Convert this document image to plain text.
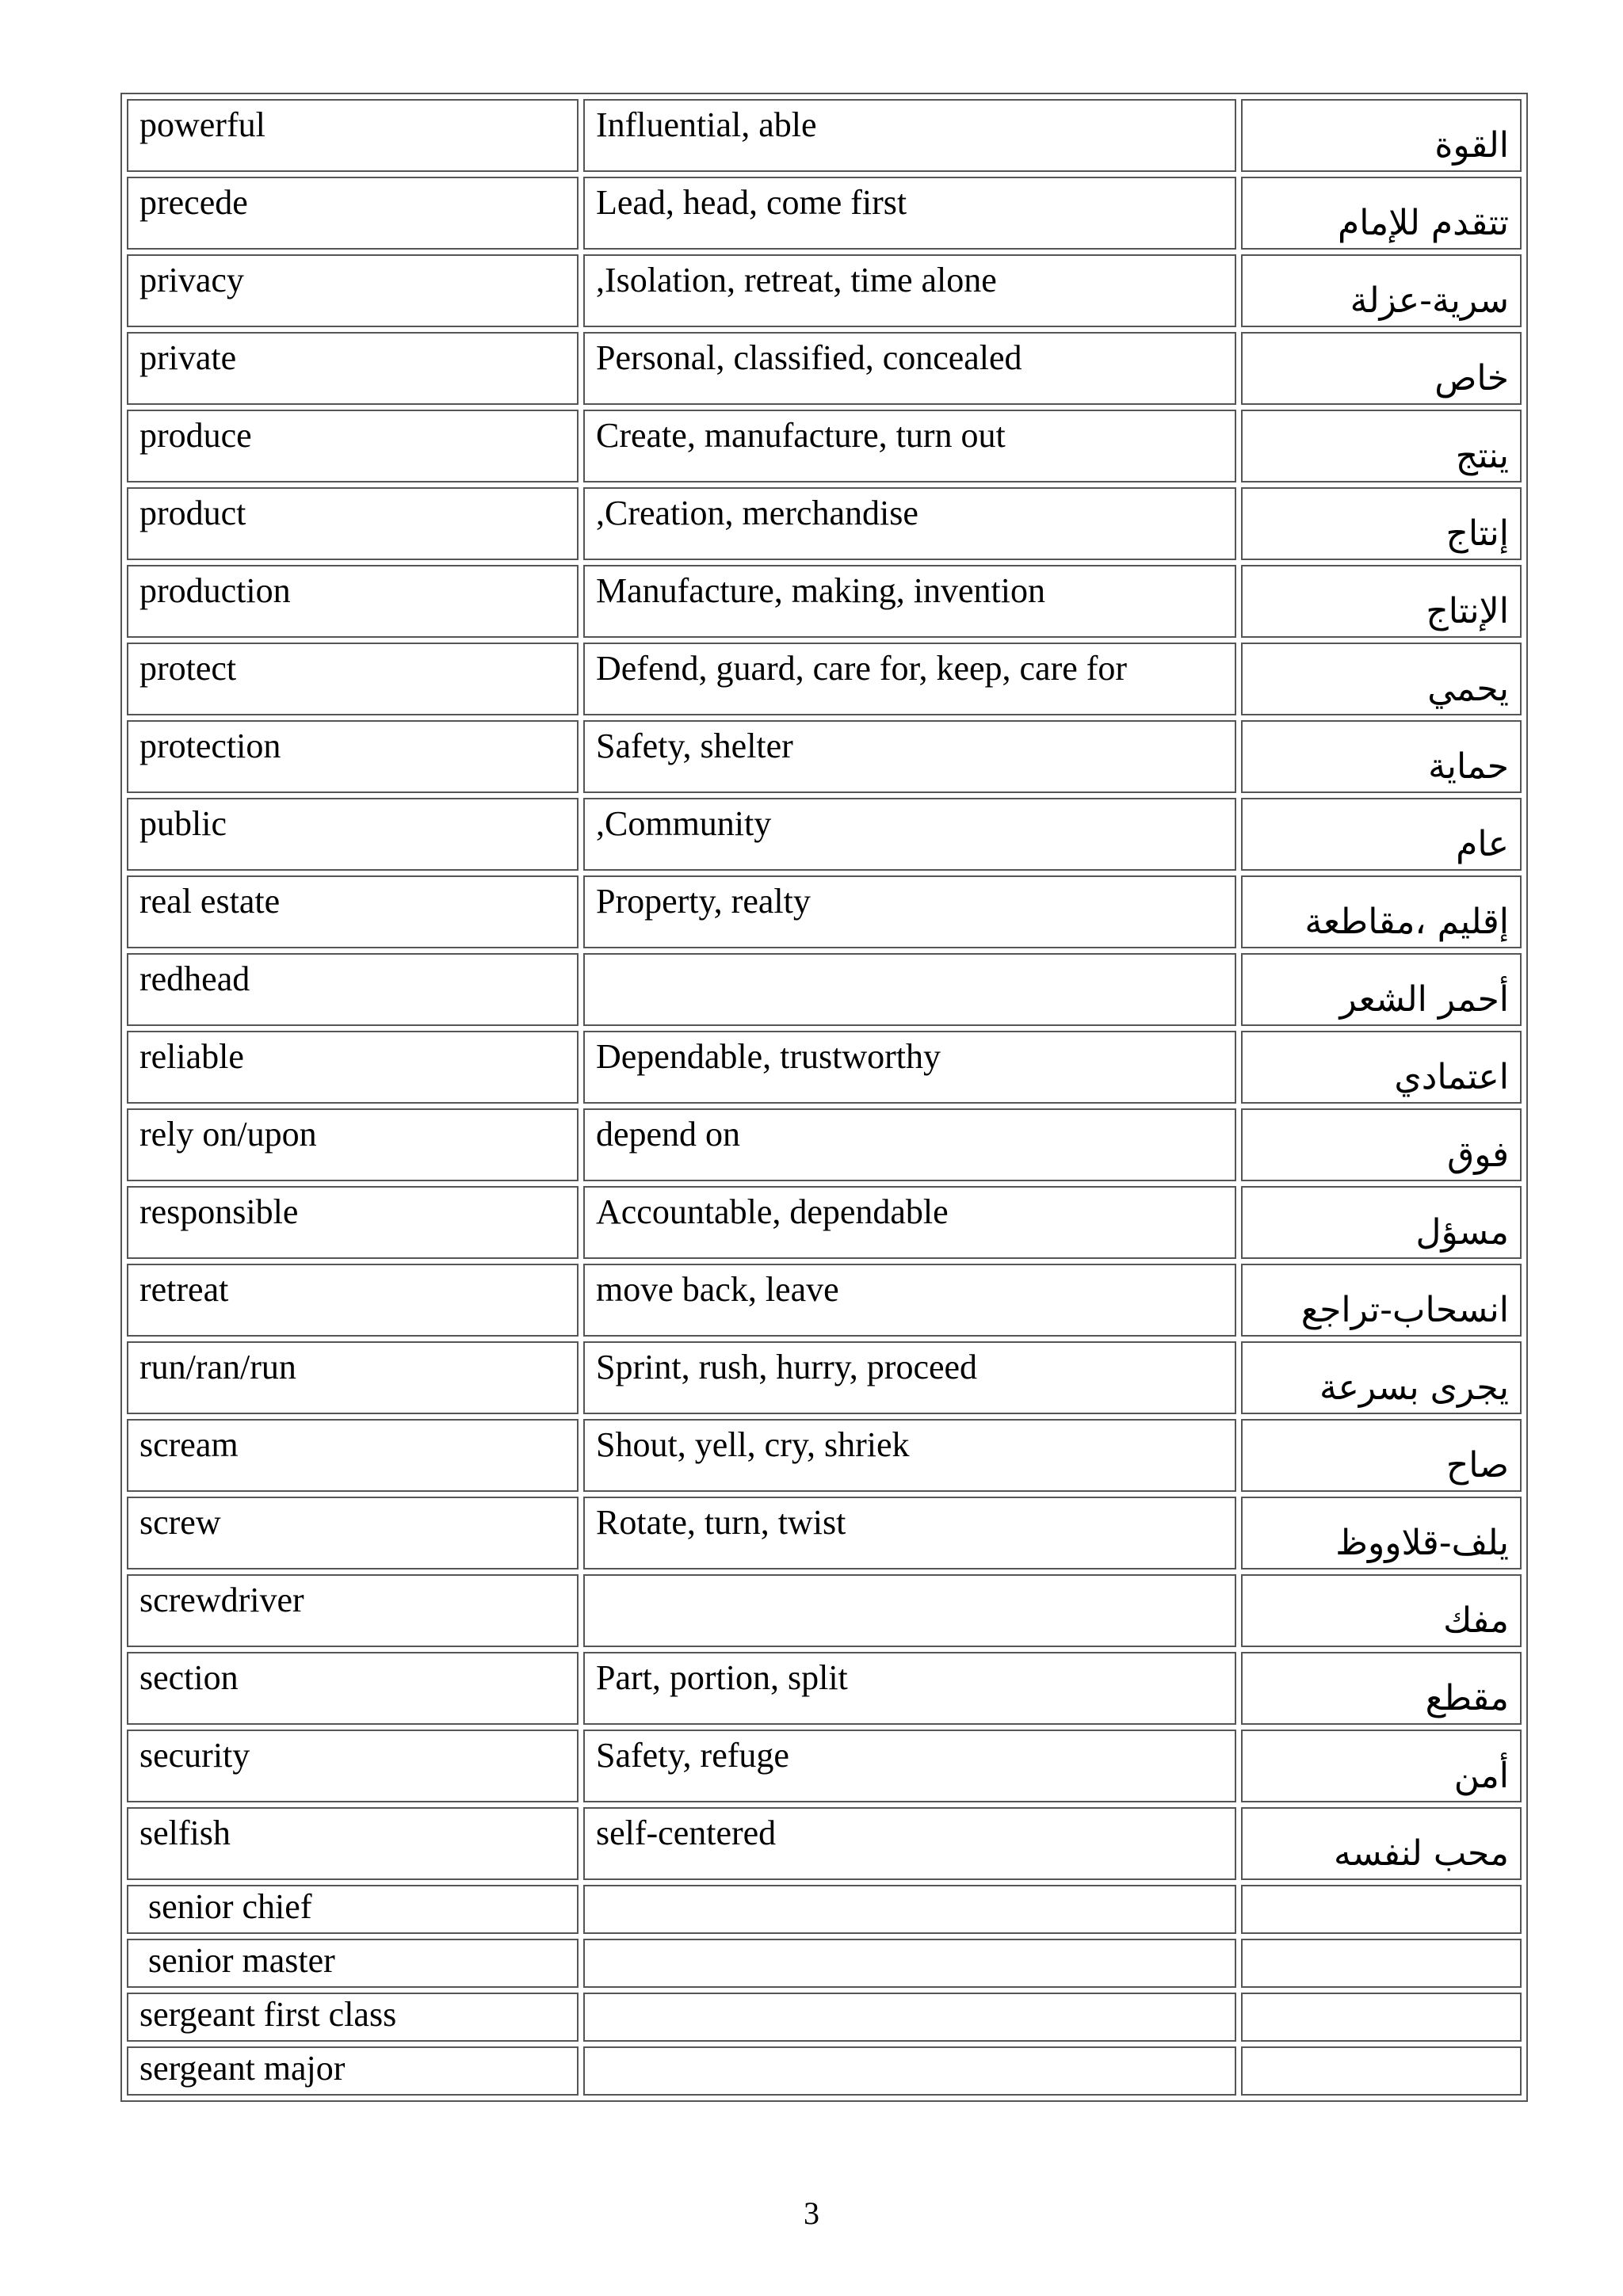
powerful	Influential, able	القوة
precede	Lead, head, come first	تتقدم للإمام
privacy	,Isolation, retreat, time alone	سرية-عزلة
private	Personal, classified, concealed	خاص
produce	Create, manufacture, turn out	ينتج
product	,Creation, merchandise	إنتاج
production	Manufacture, making, invention	الإنتاج
protect	Defend, guard, care for, keep, care for	يحمي
protection	Safety, shelter	حماية
public	,Community	عام
real estate	Property, realty	إقليم ،مقاطعة
redhead		أحمر الشعر
reliable	Dependable, trustworthy	اعتمادي
rely on/upon	depend on	فوق
responsible	Accountable, dependable	مسؤل
retreat	move back, leave	انسحاب-تراجع
run/ran/run	Sprint, rush, hurry, proceed	يجرى بسرعة
scream	Shout, yell, cry, shriek	صاح
screw	Rotate, turn, twist	يلف-قلاووظ
screwdriver		مفك
section	Part, portion, split	مقطع
security	Safety, refuge	أمن
selfish	self-centered	محب لنفسه
senior chief		
senior master		
sergeant first class		
sergeant major		
3
